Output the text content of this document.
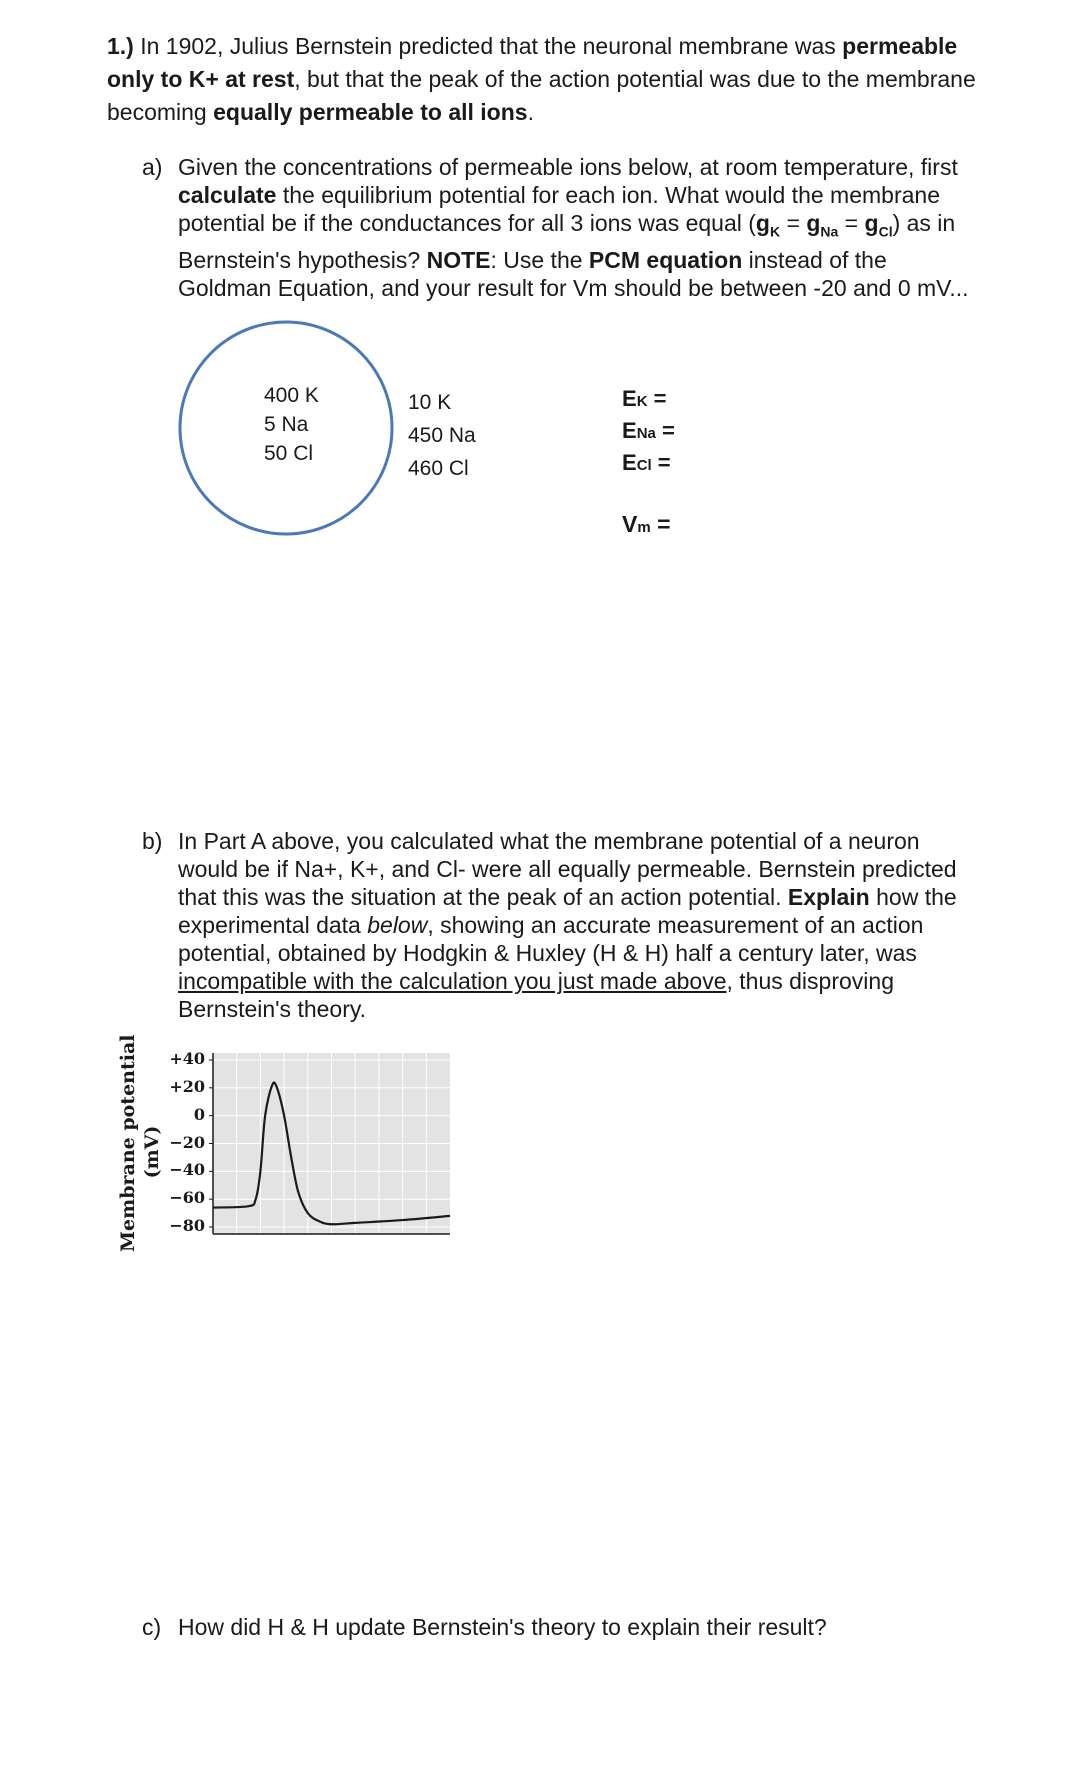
1.) In 1902, Julius Bernstein predicted that the neuronal membrane was permeable only to K+ at rest, but that the peak of the action potential was due to the membrane becoming equally permeable to all ions.
a) Given the concentrations of permeable ions below, at room temperature, first calculate the equilibrium potential for each ion. What would the membrane potential be if the conductances for all 3 ions was equal $(g_K = g_{Na} = g_{Cl})$ as in Bernstein's hypothesis? NOTE: Use the PCM equation instead of the Goldman Equation, and your result for Vm should be between -20 and 0 mV...
400 K
5 Na
50 Cl
10 K
450 Na
460 Cl
EK =
ENa =
ECl =
Vm =
b) In Part A above, you calculated what the membrane potential of a neuron would be if Na+, K+, and Cl- were all equally permeable. Bernstein predicted that this was the situation at the peak of an action potential. Explain how the experimental data below, showing an accurate measurement of an action potential, obtained by Hodgkin & Huxley (H & H) half a century later, was incompatible with the calculation you just made above, thus disproving Bernstein's theory.
Membrane potential (mV)
+40
+20
0
−20
−40
−60
−80
c) How did H & H update Bernstein's theory to explain their result?
